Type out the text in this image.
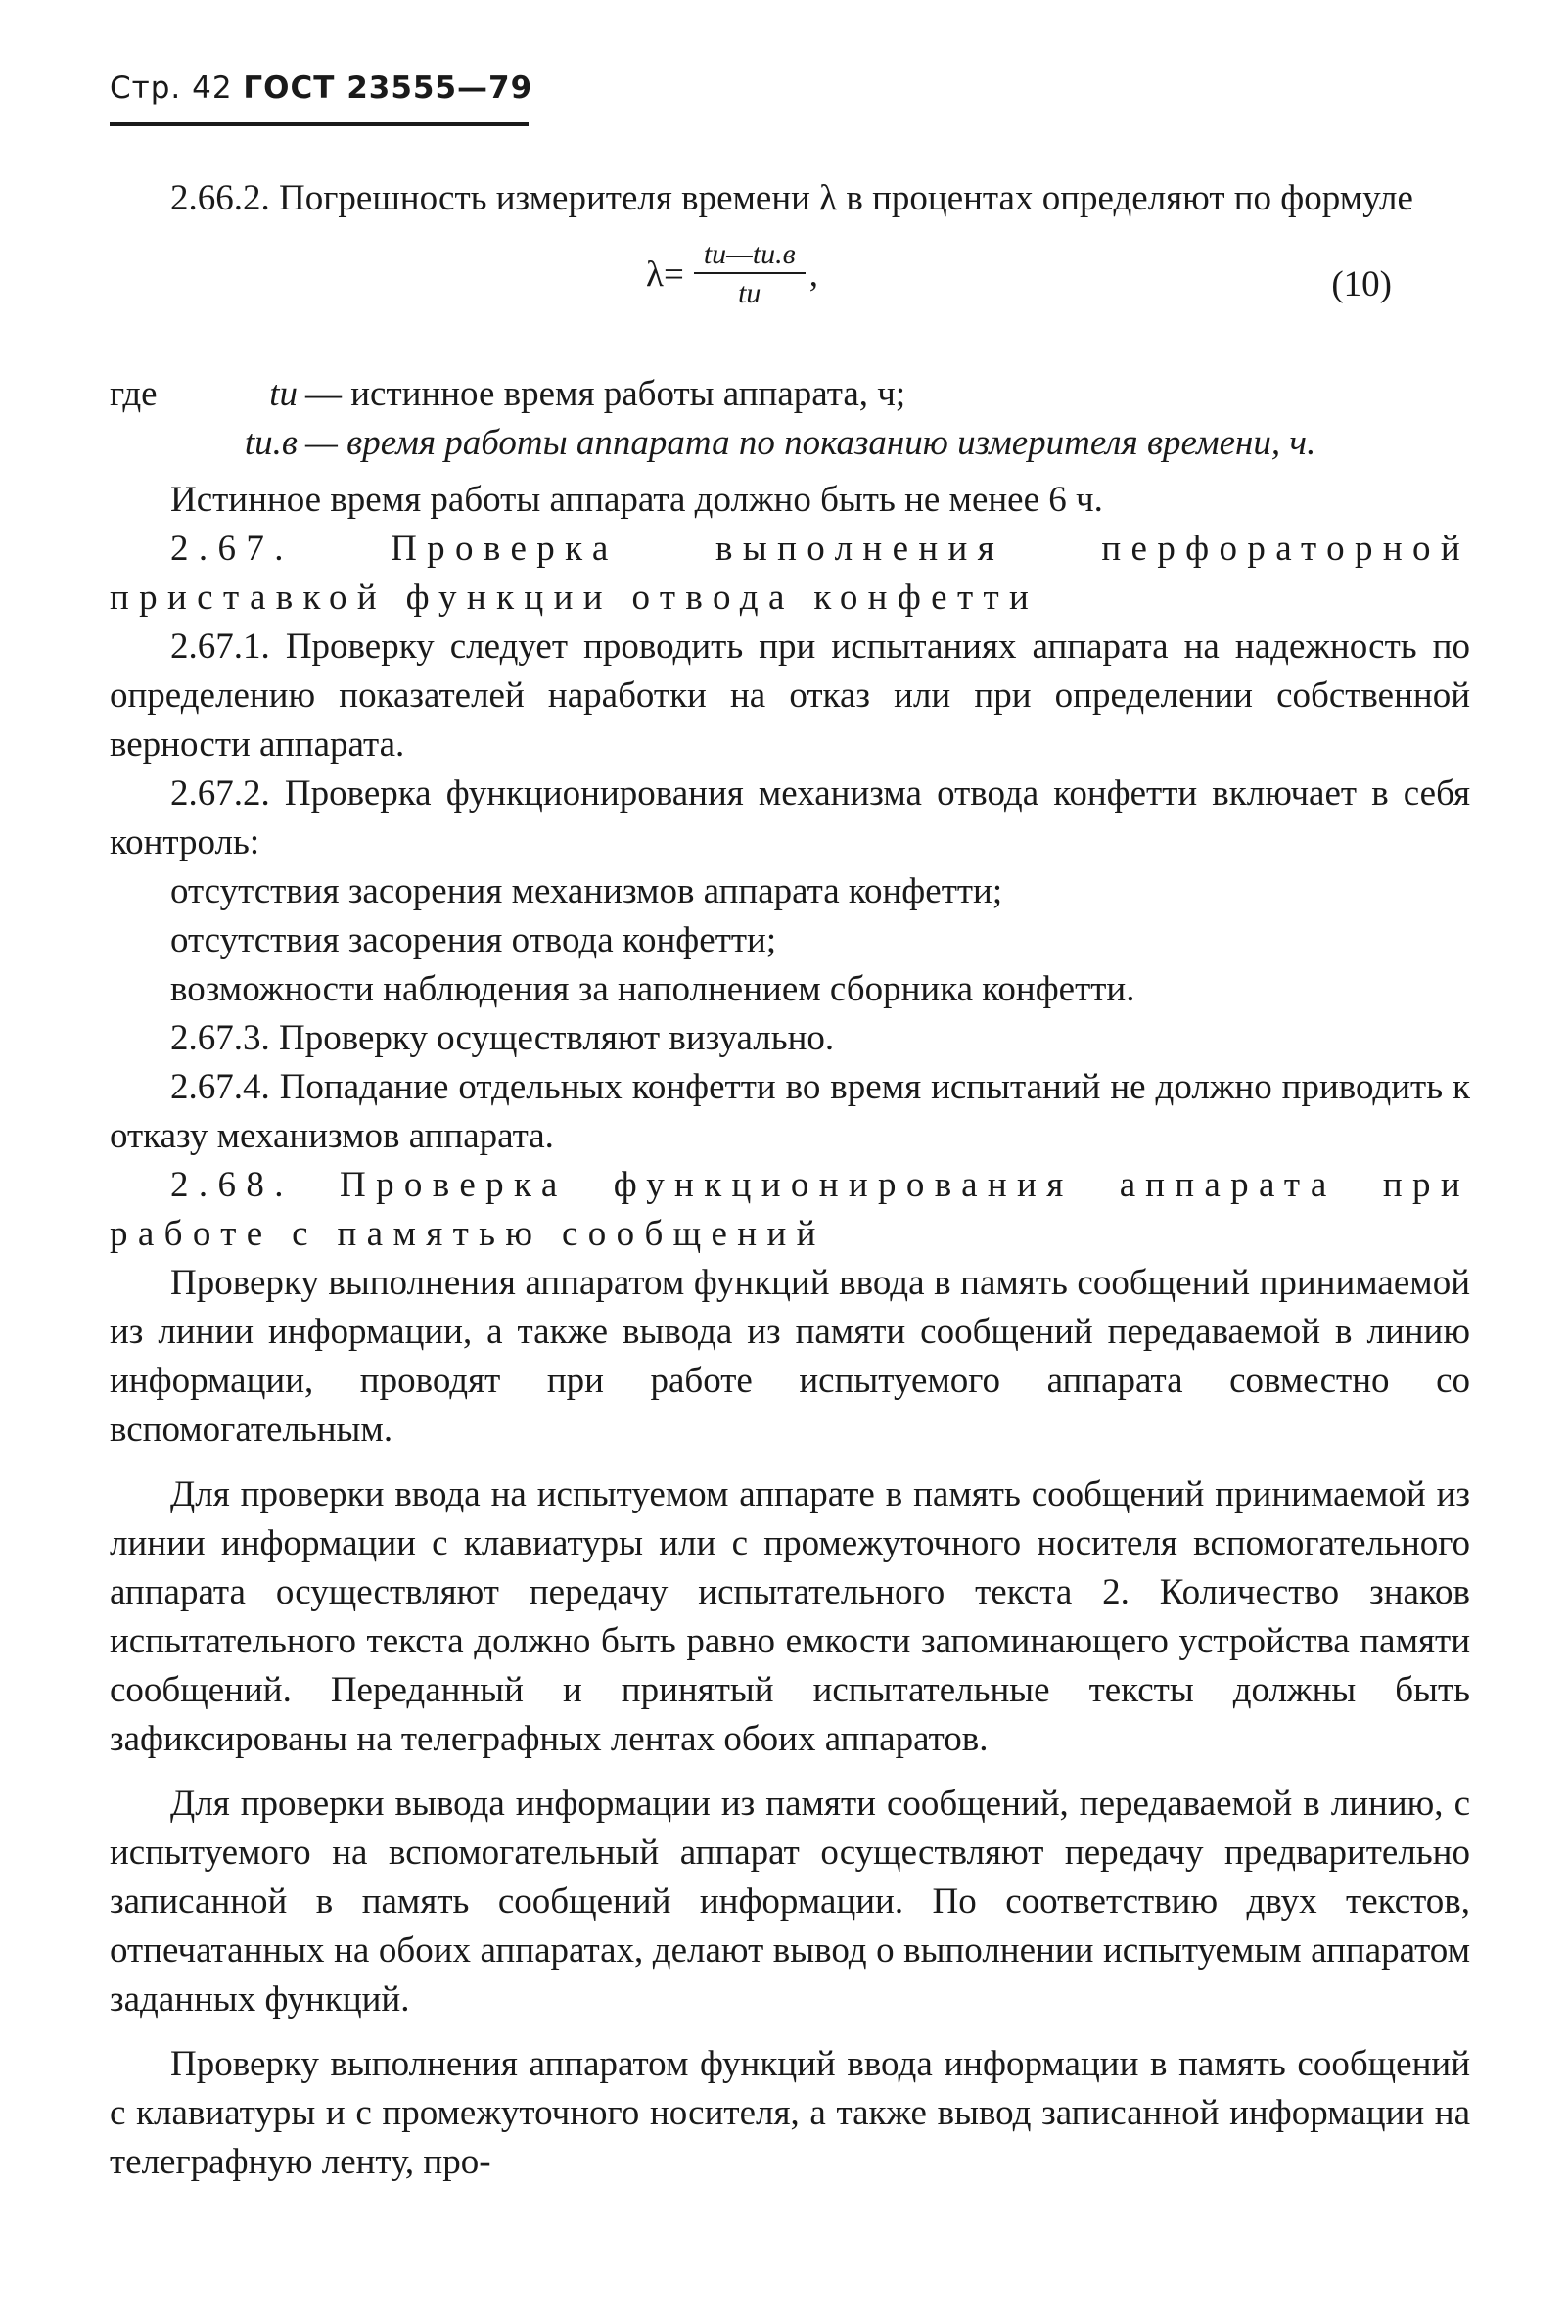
Стр. 42 ГОСТ 23555—79

2.66.2. Погрешность измерителя времени λ в процентах определяют по формуле

$\lambda= \frac{tи—tи.в}{tи}$ ,	(10)
где	tи — истинное время работы аппарата, ч;
tи.в — время работы аппарата по показанию измерителя времени, ч.

Истинное время работы аппарата должно быть не менее 6 ч.

2.67. Проверка выполнения перфораторной приставкой функции отвода конфетти

2.67.1. Проверку следует проводить при испытаниях аппарата на надежность по определению показателей наработки на отказ или при определении собственной верности аппарата.

2.67.2. Проверка функционирования механизма отвода конфетти включает в себя контроль:

отсутствия засорения механизмов аппарата конфетти;

отсутствия засорения отвода конфетти;

возможности наблюдения за наполнением сборника конфетти.

2.67.3. Проверку осуществляют визуально.

2.67.4. Попадание отдельных конфетти во время испытаний не должно приводить к отказу механизмов аппарата.

2.68. Проверка функционирования аппарата при работе с памятью сообщений

Проверку выполнения аппаратом функций ввода в память сообщений принимаемой из линии информации, а также вывода из памяти сообщений передаваемой в линию информации, проводят при работе испытуемого аппарата совместно со вспомогательным.

Для проверки ввода на испытуемом аппарате в память сообщений принимаемой из линии информации с клавиатуры или с промежуточного носителя вспомогательного аппарата осуществляют передачу испытательного текста 2. Количество знаков испытательного текста должно быть равно емкости запоминающего устройства памяти сообщений. Переданный и принятый испытательные тексты должны быть зафиксированы на телеграфных лентах обоих аппаратов.

Для проверки вывода информации из памяти сообщений, передаваемой в линию, с испытуемого на вспомогательный аппарат осуществляют передачу предварительно записанной в память сообщений информации. По соответствию двух текстов, отпечатанных на обоих аппаратах, делают вывод о выполнении испытуемым аппаратом заданных функций.

Проверку выполнения аппаратом функций ввода информации в память сообщений с клавиатуры и с промежуточного носителя, а также вывод записанной информации на телеграфную ленту, про-
